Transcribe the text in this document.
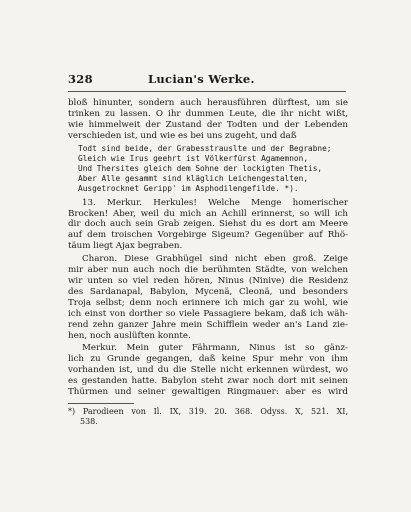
328	Lucian's Werke.
bloß hinunter, sondern auch herausführen dürftest, um sie
trinken zu lassen. O ihr dummen Leute, die ihr nicht wißt,
wie himmelweit der Zustand der Todten und der Lebenden
verschieden ist, und wie es bei uns zugeht, und daß
Todt sind beide, der Grabesstrauslte und der Begrabne;
Gleich wie Irus geehrt ist Völkerfürst Agamemnon,
Und Thersites gleich dem Sohne der lockigten Thetis,
Aber Alle gesammt sind kläglich Leichengestalten,
Ausgetrocknet Geripp' im Asphodilengefilde. *).
13. Merkur. Herkules! Welche Menge homerischer
Brocken! Aber, weil du mich an Achill erinnerst, so will ich
dir doch auch sein Grab zeigen. Siehst du es dort am Meere
auf dem troischen Vorgebirge Sigeum? Gegenüber auf Rhö-
täum liegt Ajax begraben.
Charon. Diese Grabhügel sind nicht eben groß. Zeige
mir aber nun auch noch die berühmten Städte, von welchen
wir unten so viel reden hören, Ninus (Ninive) die Residenz
des Sardanapal, Babylon, Mycenä, Cleonä, und besonders
Troja selbst; denn noch erinnere ich mich gar zu wohl, wie
ich einst von dorther so viele Passagiere bekam, daß ich wäh-
rend zehn ganzer Jahre mein Schifflein weder an's Land zie-
hen, noch auslüften konnte.
Merkur. Mein guter Fährmann, Ninus ist so gänz-
lich zu Grunde gegangen, daß keine Spur mehr von ihm
vorhanden ist, und du die Stelle nicht erkennen würdest, wo
es gestanden hatte. Babylon steht zwar noch dort mit seinen
Thürmen und seiner gewaltigen Ringmauer: aber es wird
*) Parodieen von Il. IX, 319. 20. 368. Odyss. X, 521. XI,
538.
